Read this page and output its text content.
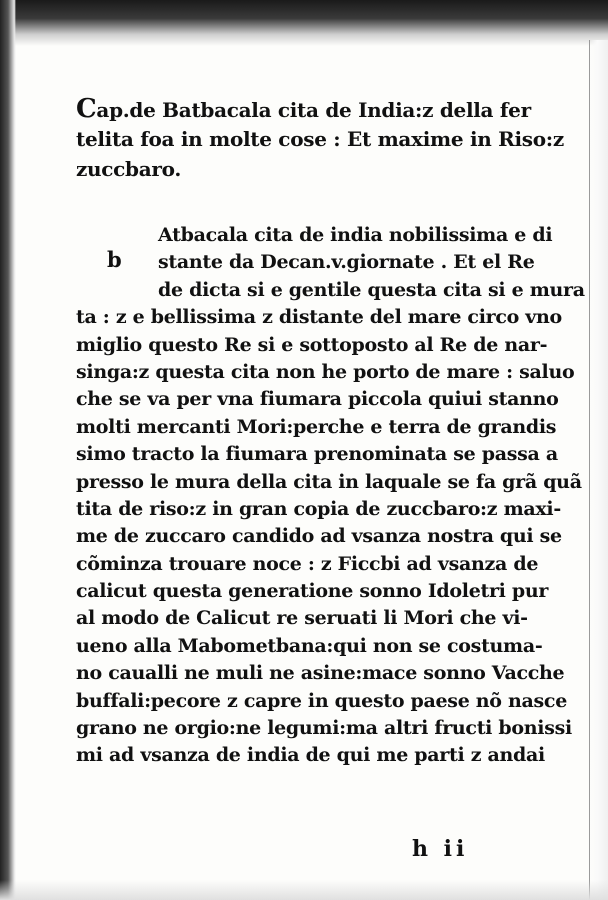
Cap.de Batbacala cita de India:z della fer
telita foa in molte cose : Et maxime in Riso:z
zuccbaro.
Atbacala cita de india nobilissima e di
stante da Decan.v.giornate . Et el Re
de dicta si e gentile questa cita si e mura
ta : z e bellissima z distante del mare circo vno
miglio questo Re si e sottoposto al Re de nar-
singa:z questa cita non he porto de mare : saluo
che se va per vna fiumara piccola quiui stanno
molti mercanti Mori:perche e terra de grandis
simo tracto la fiumara prenominata se passa a
presso le mura della cita in laquale se fa grã quã
tita de riso:z in gran copia de zuccbaro:z maxi-
me de zuccaro candido ad vsanza nostra qui se
cõminza trouare noce : z Ficcbi ad vsanza de
calicut questa generatione sonno Idoletri pur
al modo de Calicut re seruati li Mori che vi-
ueno alla Mabometbana:qui non se costuma-
no caualli ne muli ne asine:mace sonno Vacche
buffali:pecore z capre in questo paese nõ nasce
grano ne orgio:ne legumi:ma altri fructi bonissi
mi ad vsanza de india de qui me parti z andai
b
h ii
